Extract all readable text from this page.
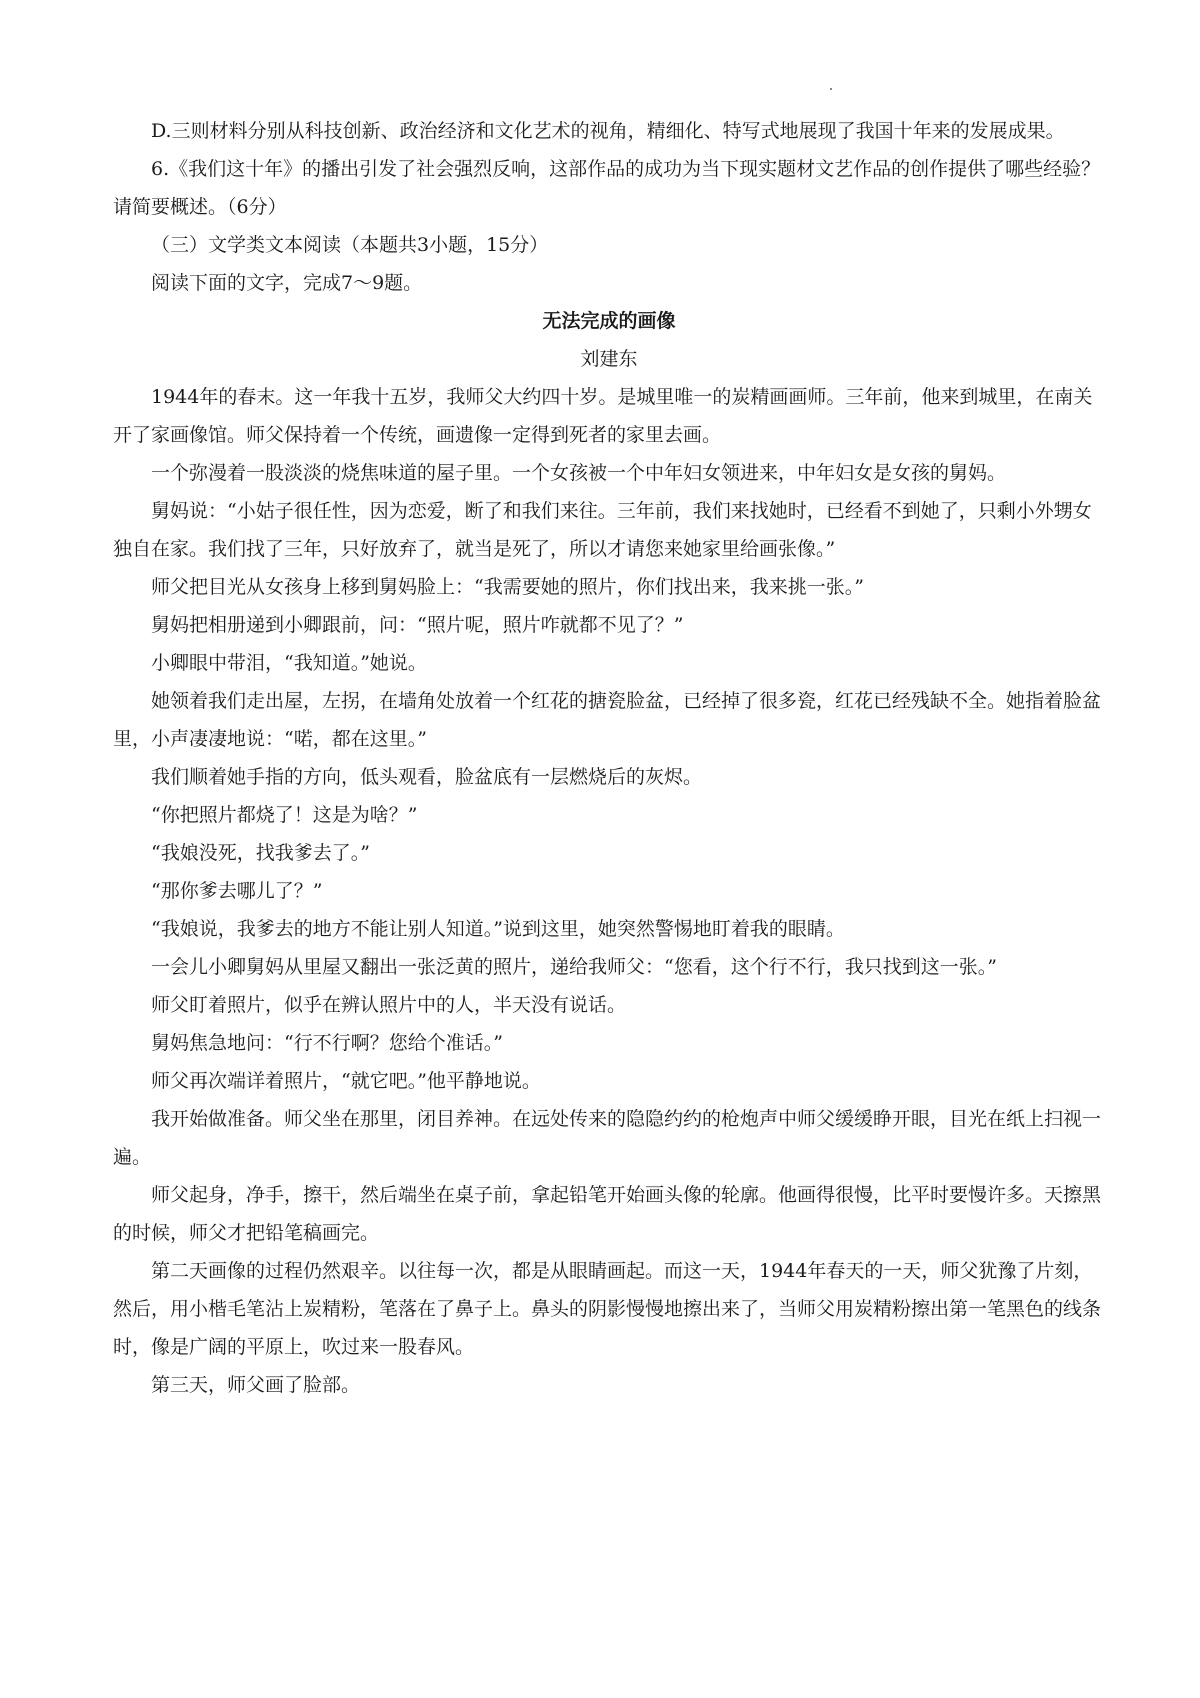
D.三则材料分别从科技创新、政治经济和文化艺术的视角，精细化、特写式地展现了我国十年来的发展成果。

6.《我们这十年》的播出引发了社会强烈反响，这部作品的成功为当下现实题材文艺作品的创作提供了哪些经验？请简要概述。（6分）

（三）文学类文本阅读（本题共3小题，15分）

阅读下面的文字，完成7～9题。

无法完成的画像

刘建东

1944年的春末。这一年我十五岁，我师父大约四十岁。是城里唯一的炭精画画师。三年前，他来到城里，在南关开了家画像馆。师父保持着一个传统，画遗像一定得到死者的家里去画。

一个弥漫着一股淡淡的烧焦味道的屋子里。一个女孩被一个中年妇女领进来，中年妇女是女孩的舅妈。

舅妈说：“小姑子很任性，因为恋爱，断了和我们来往。三年前，我们来找她时，已经看不到她了，只剩小外甥女独自在家。我们找了三年，只好放弃了，就当是死了，所以才请您来她家里给画张像。”

师父把目光从女孩身上移到舅妈脸上：“我需要她的照片，你们找出来，我来挑一张。”

舅妈把相册递到小卿跟前，问：“照片呢，照片咋就都不见了？”

小卿眼中带泪，“我知道。”她说。

她领着我们走出屋，左拐，在墙角处放着一个红花的搪瓷脸盆，已经掉了很多瓷，红花已经残缺不全。她指着脸盆里，小声凄凄地说：“喏，都在这里。”

我们顺着她手指的方向，低头观看，脸盆底有一层燃烧后的灰烬。

“你把照片都烧了！这是为啥？”

“我娘没死，找我爹去了。”

“那你爹去哪儿了？”

“我娘说，我爹去的地方不能让别人知道。”说到这里，她突然警惕地盯着我的眼睛。

一会儿小卿舅妈从里屋又翻出一张泛黄的照片，递给我师父：“您看，这个行不行，我只找到这一张。”

师父盯着照片，似乎在辨认照片中的人，半天没有说话。

舅妈焦急地问：“行不行啊？您给个准话。”

师父再次端详着照片，“就它吧。”他平静地说。

我开始做准备。师父坐在那里，闭目养神。在远处传来的隐隐约约的枪炮声中师父缓缓睁开眼，目光在纸上扫视一遍。

师父起身，净手，擦干，然后端坐在桌子前，拿起铅笔开始画头像的轮廓。他画得很慢，比平时要慢许多。天擦黑的时候，师父才把铅笔稿画完。

第二天画像的过程仍然艰辛。以往每一次，都是从眼睛画起。而这一天，1944年春天的一天，师父犹豫了片刻，然后，用小楷毛笔沾上炭精粉，笔落在了鼻子上。鼻头的阴影慢慢地擦出来了，当师父用炭精粉擦出第一笔黑色的线条时，像是广阔的平原上，吹过来一股春风。

第三天，师父画了脸部。
